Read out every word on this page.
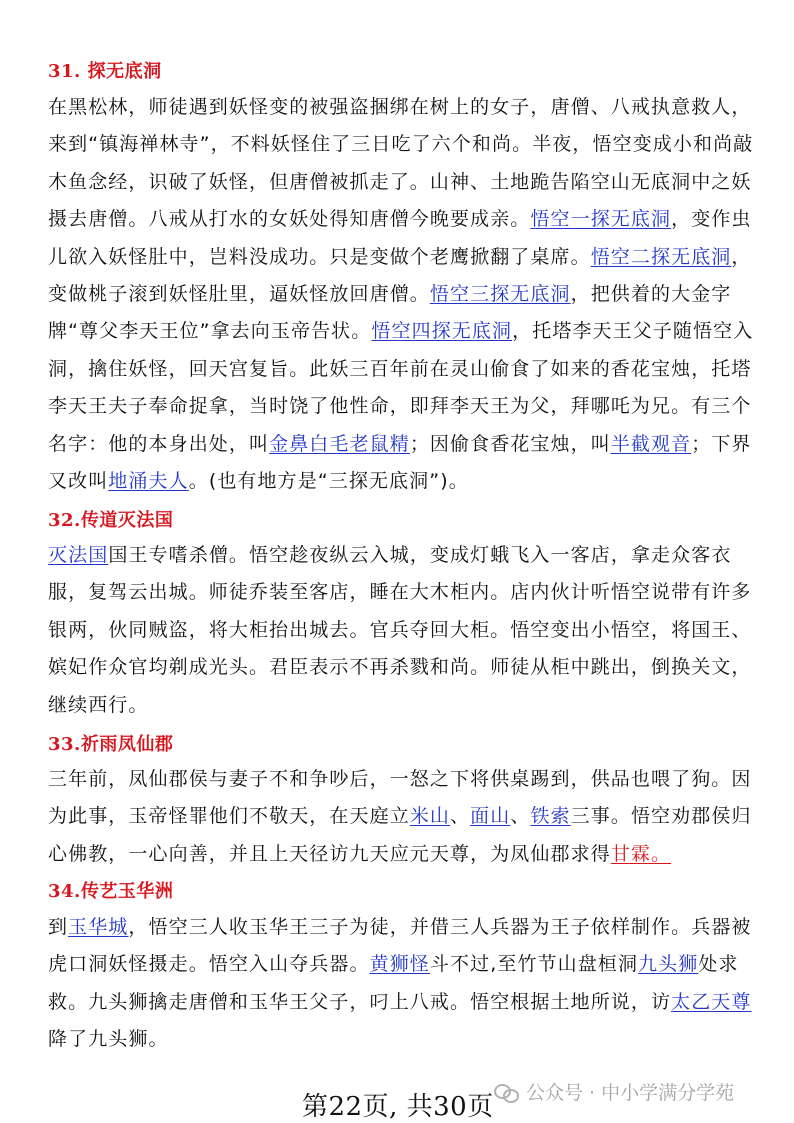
31. 探无底洞

在黑松林，师徒遇到妖怪变的被强盗捆绑在树上的女子，唐僧、八戒执意救人，来到“镇海禅林寺”，不料妖怪住了三日吃了六个和尚。半夜，悟空变成小和尚敲木鱼念经，识破了妖怪，但唐僧被抓走了。山神、土地跪告陷空山无底洞中之妖摄去唐僧。八戒从打水的女妖处得知唐僧今晚要成亲。悟空一探无底洞，变作虫儿欲入妖怪肚中，岂料没成功。只是变做个老鹰掀翻了桌席。悟空二探无底洞，变做桃子滚到妖怪肚里，逼妖怪放回唐僧。悟空三探无底洞，把供着的大金字牌“尊父李天王位”拿去向玉帝告状。悟空四探无底洞，托塔李天王父子随悟空入洞，擒住妖怪，回天宫复旨。此妖三百年前在灵山偷食了如来的香花宝烛，托塔李天王夫子奉命捉拿，当时饶了他性命，即拜李天王为父，拜哪吒为兄。有三个名字：他的本身出处，叫金鼻白毛老鼠精；因偷食香花宝烛，叫半截观音；下界又改叫地涌夫人。(也有地方是“三探无底洞”)。

32.传道灭法国

灭法国国王专嗜杀僧。悟空趁夜纵云入城，变成灯蛾飞入一客店，拿走众客衣服，复驾云出城。师徒乔装至客店，睡在大木柜内。店内伙计听悟空说带有许多银两，伙同贼盗，将大柜抬出城去。官兵夺回大柜。悟空变出小悟空，将国王、嫔妃作众官均剃成光头。君臣表示不再杀戮和尚。师徒从柜中跳出，倒换关文，继续西行。

33.祈雨凤仙郡

三年前，凤仙郡侯与妻子不和争吵后，一怒之下将供桌踢到，供品也喂了狗。因为此事，玉帝怪罪他们不敬天，在天庭立米山、面山、铁索三事。悟空劝郡侯归心佛教，一心向善，并且上天径访九天应元天尊，为凤仙郡求得甘霖。

34.传艺玉华洲

到玉华城，悟空三人收玉华王三子为徒，并借三人兵器为王子依样制作。兵器被虎口洞妖怪摄走。悟空入山夺兵器。黄狮怪斗不过,至竹节山盘桓洞九头狮处求救。九头狮擒走唐僧和玉华王父子，叼上八戒。悟空根据土地所说，访太乙天尊降了九头狮。

第22页, 共30页 公众号 · 中小学满分学苑
